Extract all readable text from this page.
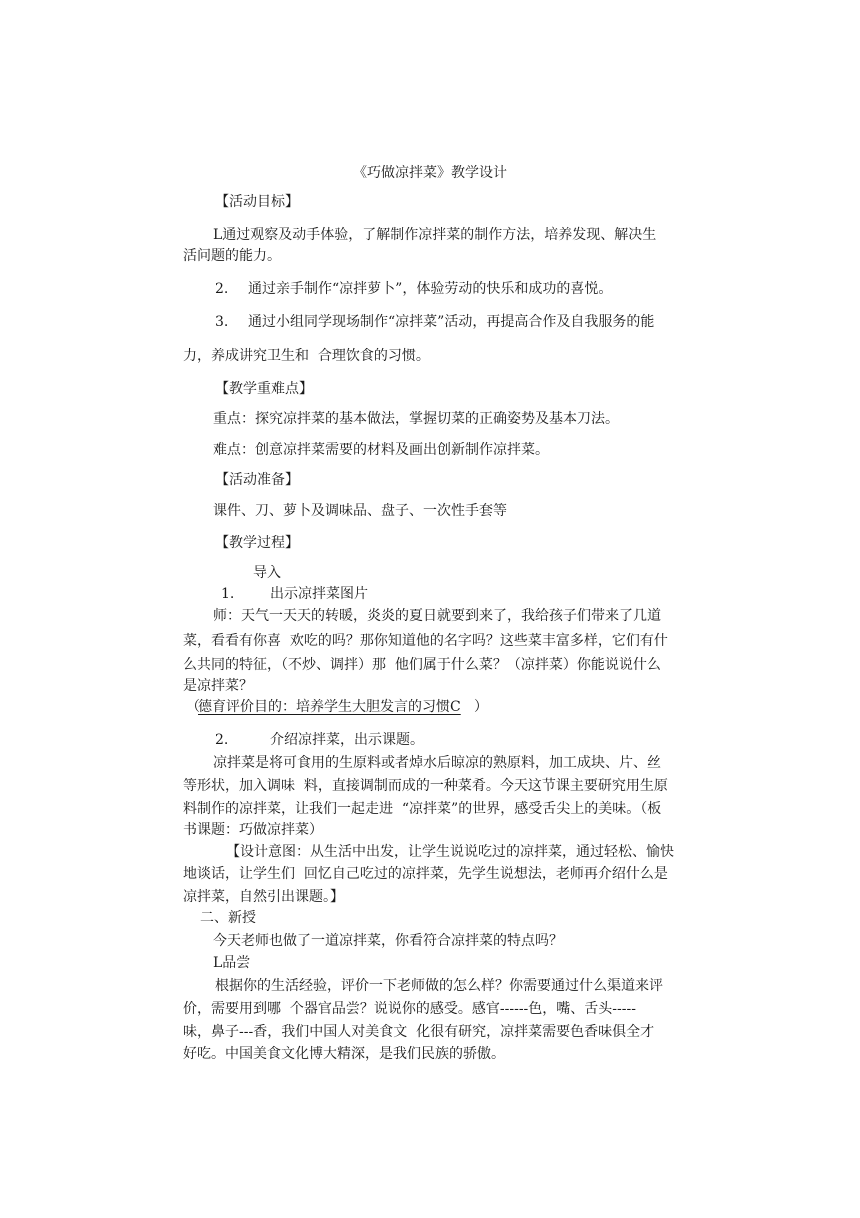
《巧做凉拌菜》教学设计
【活动目标】
L通过观察及动手体验，了解制作凉拌菜的制作方法，培养发现、解决生
活问题的能力。
2. 通过亲手制作“凉拌萝卜”，体验劳动的快乐和成功的喜悦。
3. 通过小组同学现场制作“凉拌菜”活动，再提高合作及自我服务的能
力，养成讲究卫生和  合理饮食的习惯。
【教学重难点】
重点：探究凉拌菜的基本做法，掌握切菜的正确姿势及基本刀法。
难点：创意凉拌菜需要的材料及画出创新制作凉拌菜。
【活动准备】
课件、刀、萝卜及调味品、盘子、一次性手套等
【教学过程】
导入
1.	出示凉拌菜图片
师：天气一天天的转暖，炎炎的夏日就要到来了，我给孩子们带来了几道
菜，看看有你喜  欢吃的吗？那你知道他的名字吗？这些菜丰富多样，它们有什
么共同的特征，（不炒、调拌）那  他们属于什么菜？（凉拌菜）你能说说什么
是凉拌菜？
（
德育评价目的：培养学生大胆发言的习惯C ）
2.	介绍凉拌菜，出示课题。
凉拌菜是将可食用的生原料或者焯水后晾凉的熟原料，加工成块、片、丝
等形状，加入调味  料，直接调制而成的一种菜肴。今天这节课主要研究用生原
料制作的凉拌菜，让我们一起走进  “凉拌菜”的世界，感受舌尖上的美味。（板
书课题：巧做凉拌菜）
【设计意图：从生活中出发，让学生说说吃过的凉拌菜，通过轻松、愉快
地谈话，让学生们  回忆自己吃过的凉拌菜，先学生说想法，老师再介绍什么是
凉拌菜，自然引出课题。】
二、新授
今天老师也做了一道凉拌菜，你看符合凉拌菜的特点吗？
L品尝
根据你的生活经验，评价一下老师做的怎么样？你需要通过什么渠道来评
价，需要用到哪  个器官品尝？说说你的感受。感官------色，嘴、舌头-----
味，鼻子---香，我们中国人对美食文  化很有研究，凉拌菜需要色香味俱全才
好吃。中国美食文化博大精深，是我们民族的骄傲。
